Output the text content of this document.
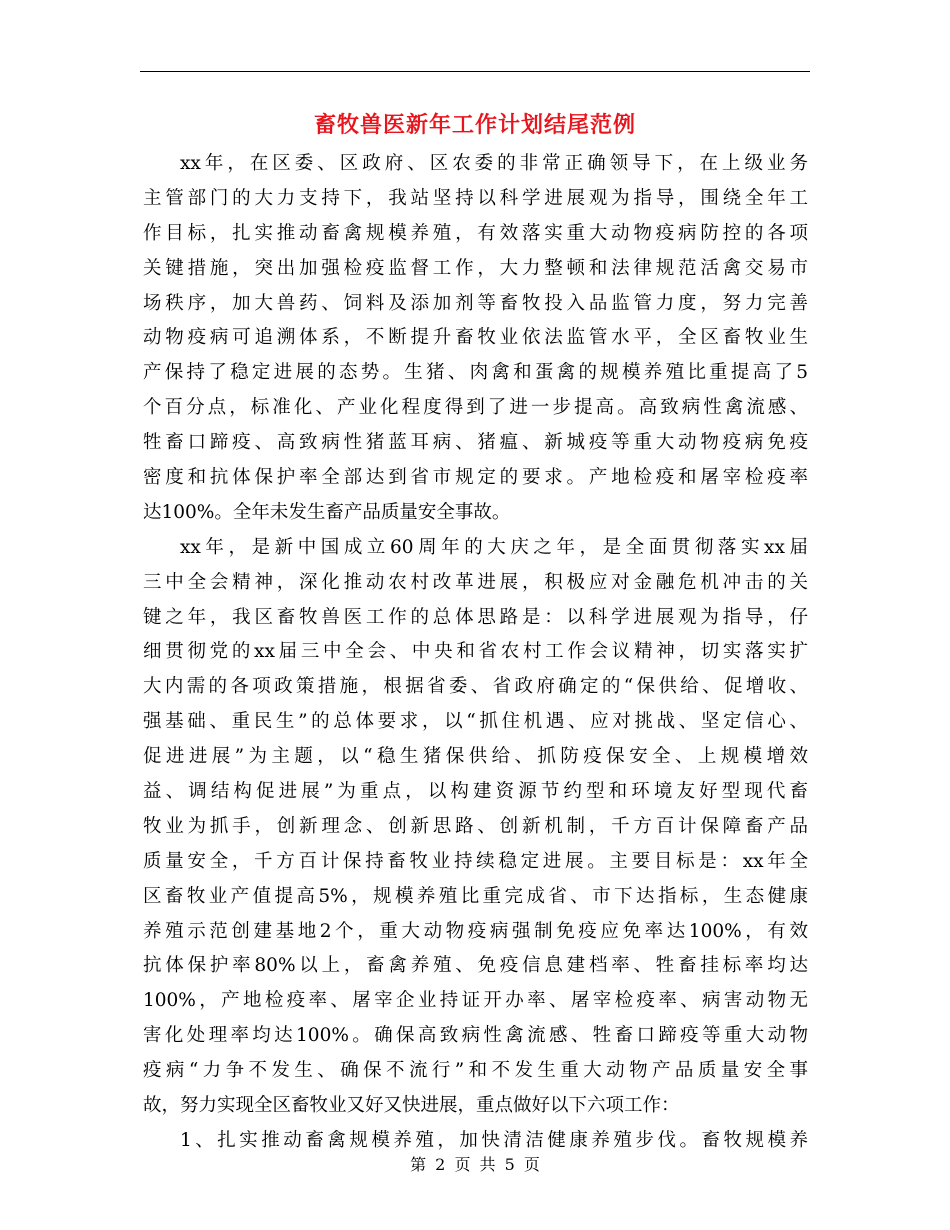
畜牧兽医新年工作计划结尾范例
xx年，在区委、区政府、区农委的非常正确领导下，在上级业务
主管部门的大力支持下，我站坚持以科学进展观为指导，围绕全年工
作目标，扎实推动畜禽规模养殖，有效落实重大动物疫病防控的各项
关键措施，突出加强检疫监督工作，大力整顿和法律规范活禽交易市
场秩序，加大兽药、饲料及添加剂等畜牧投入品监管力度，努力完善
动物疫病可追溯体系，不断提升畜牧业依法监管水平，全区畜牧业生
产保持了稳定进展的态势。生猪、肉禽和蛋禽的规模养殖比重提高了5
个百分点，标准化、产业化程度得到了进一步提高。高致病性禽流感、
牲畜口蹄疫、高致病性猪蓝耳病、猪瘟、新城疫等重大动物疫病免疫
密度和抗体保护率全部达到省市规定的要求。产地检疫和屠宰检疫率
达100%。全年未发生畜产品质量安全事故。
xx年，是新中国成立60周年的大庆之年，是全面贯彻落实xx届
三中全会精神，深化推动农村改革进展，积极应对金融危机冲击的关
键之年，我区畜牧兽医工作的总体思路是：以科学进展观为指导，仔
细贯彻党的xx届三中全会、中央和省农村工作会议精神，切实落实扩
大内需的各项政策措施，根据省委、省政府确定的“保供给、促增收、
强基础、重民生”的总体要求，以“抓住机遇、应对挑战、坚定信心、
促进进展”为主题，以“稳生猪保供给、抓防疫保安全、上规模增效
益、调结构促进展”为重点，以构建资源节约型和环境友好型现代畜
牧业为抓手，创新理念、创新思路、创新机制，千方百计保障畜产品
质量安全，千方百计保持畜牧业持续稳定进展。主要目标是：xx年全
区畜牧业产值提高5%，规模养殖比重完成省、市下达指标，生态健康
养殖示范创建基地2个，重大动物疫病强制免疫应免率达100%，有效
抗体保护率80%以上，畜禽养殖、免疫信息建档率、牲畜挂标率均达
100%，产地检疫率、屠宰企业持证开办率、屠宰检疫率、病害动物无
害化处理率均达100%。确保高致病性禽流感、牲畜口蹄疫等重大动物
疫病“力争不发生、确保不流行”和不发生重大动物产品质量安全事
故，努力实现全区畜牧业又好又快进展，重点做好以下六项工作：
1、扎实推动畜禽规模养殖，加快清洁健康养殖步伐。畜牧规模养
第 2 页 共 5 页
